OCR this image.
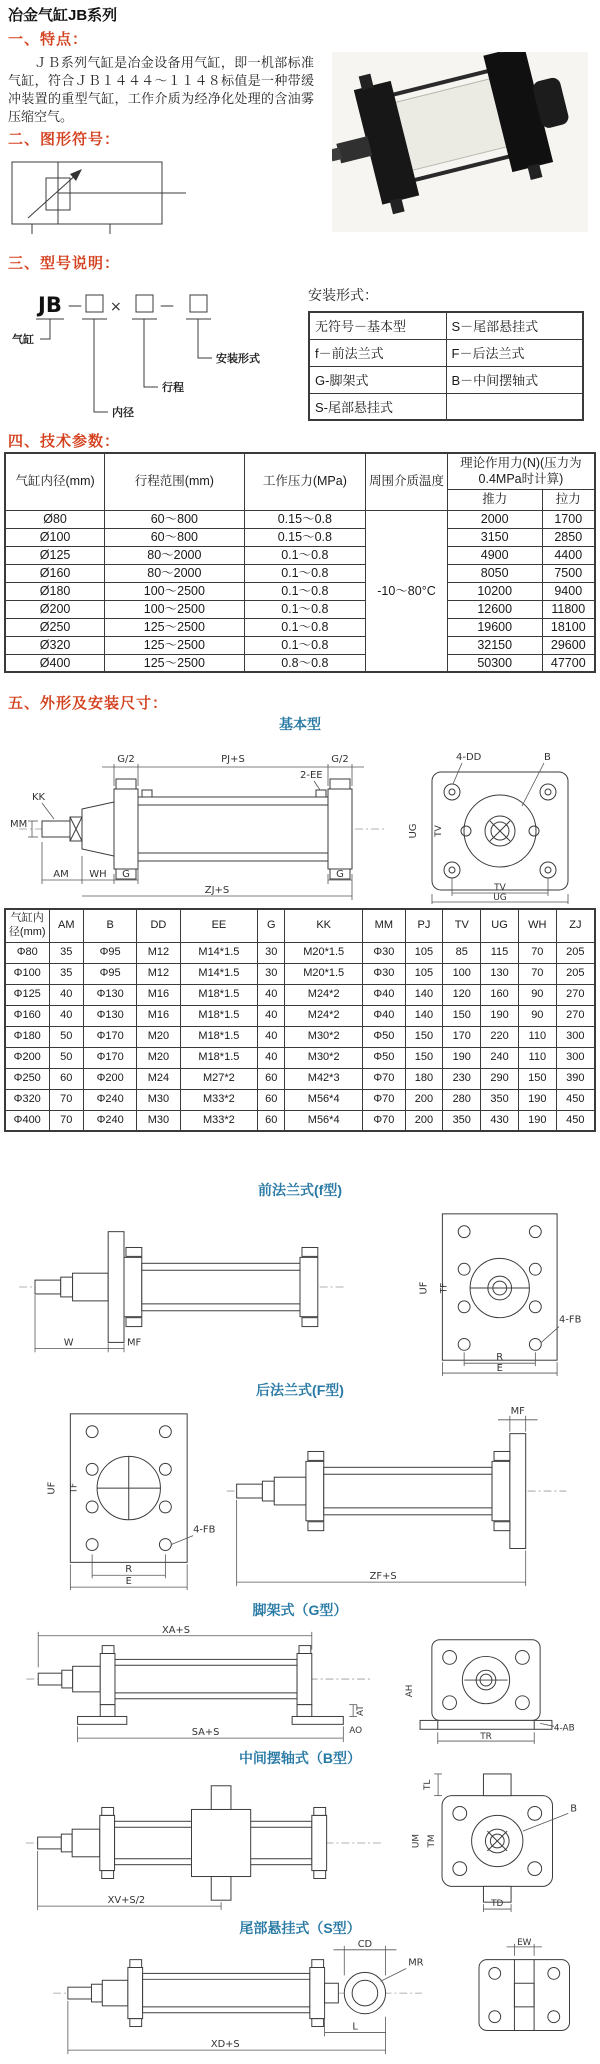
冶金气缸JB系列
一、特点：

ＪＢ系列气缸是冶金设备用气缸，即一机部标准气缸，符合ＪＢ１４４４～１１４８标值是一种带缓冲装置的重型气缸，工作介质为经净化处理的含油雾压缩空气。

二、图形符号：
三、型号说明：
JB — ×	—
气缸
内径
行程
安装形式
安装形式：
无符号－基本型	S－尾部悬挂式
f－前法兰式	F－后法兰式
G-脚架式	B－中间摆轴式
S-尾部悬挂式	
四、技术参数：
气缸内径(mm)	行程范围(mm)	工作压力(MPa)	周围介质温度	理论作用力(N)(压力为0.4MPa时计算)	
				推力	拉力
Ø80	60～800	0.15～0.8	-10～80°C	2000	1700
Ø100	60～800	0.15～0.8		3150	2850
Ø125	80～2000	0.1～0.8		4900	4400
Ø160	80～2000	0.1～0.8		8050	7500
Ø180	100～2500	0.1～0.8		10200	9400
Ø200	100～2500	0.1～0.8		12600	11800
Ø250	125～2500	0.1～0.8		19600	18100
Ø320	125～2500	0.1～0.8		32150	29600
Ø400	125～2500	0.8～0.8		50300	47700
五、外形及安装尺寸：
基本型
G/2	PJ+S	G/2
2-EE
KK
MM
AM WH G	G
ZJ+S
4-DD	B
UG TV
TV
UG
气缸内径(mm)	AM	B	DD	EE	G	KK	MM	PJ	TV	UG	WH	ZJ
Φ80	35	Φ95	M12	M14*1.5	30	M20*1.5	Φ30	105	85	115	70	205
Φ100	35	Φ95	M12	M14*1.5	30	M20*1.5	Φ30	105	100	130	70	205
Φ125	40	Φ130	M16	M18*1.5	40	M24*2	Φ40	140	120	160	90	270
Φ160	40	Φ130	M16	M18*1.5	40	M24*2	Φ40	140	150	190	90	270
Φ180	50	Φ170	M20	M18*1.5	40	M30*2	Φ50	150	170	220	110	300
Φ200	50	Φ170	M20	M18*1.5	40	M30*2	Φ50	150	190	240	110	300
Φ250	60	Φ200	M24	M27*2	60	M42*3	Φ70	180	230	290	150	390
Φ320	70	Φ240	M30	M33*2	60	M56*4	Φ70	200	280	350	190	450
Φ400	70	Φ240	M30	M33*2	60	M56*4	Φ70	200	350	430	190	450
前法兰式(f型)
W	MF
UF TF
4-FB
R
E
后法兰式(F型)
UF TF
4-FB
R
E
MF
ZF+S
脚架式（G型）
XA+S
SA+S
AT
AO
AH
TR
4-AB
中间摆轴式（B型）
XV+S/2
TL
UM TM
B
TD
尾部悬挂式（S型）
CD
MR
L
XD+S
EW
